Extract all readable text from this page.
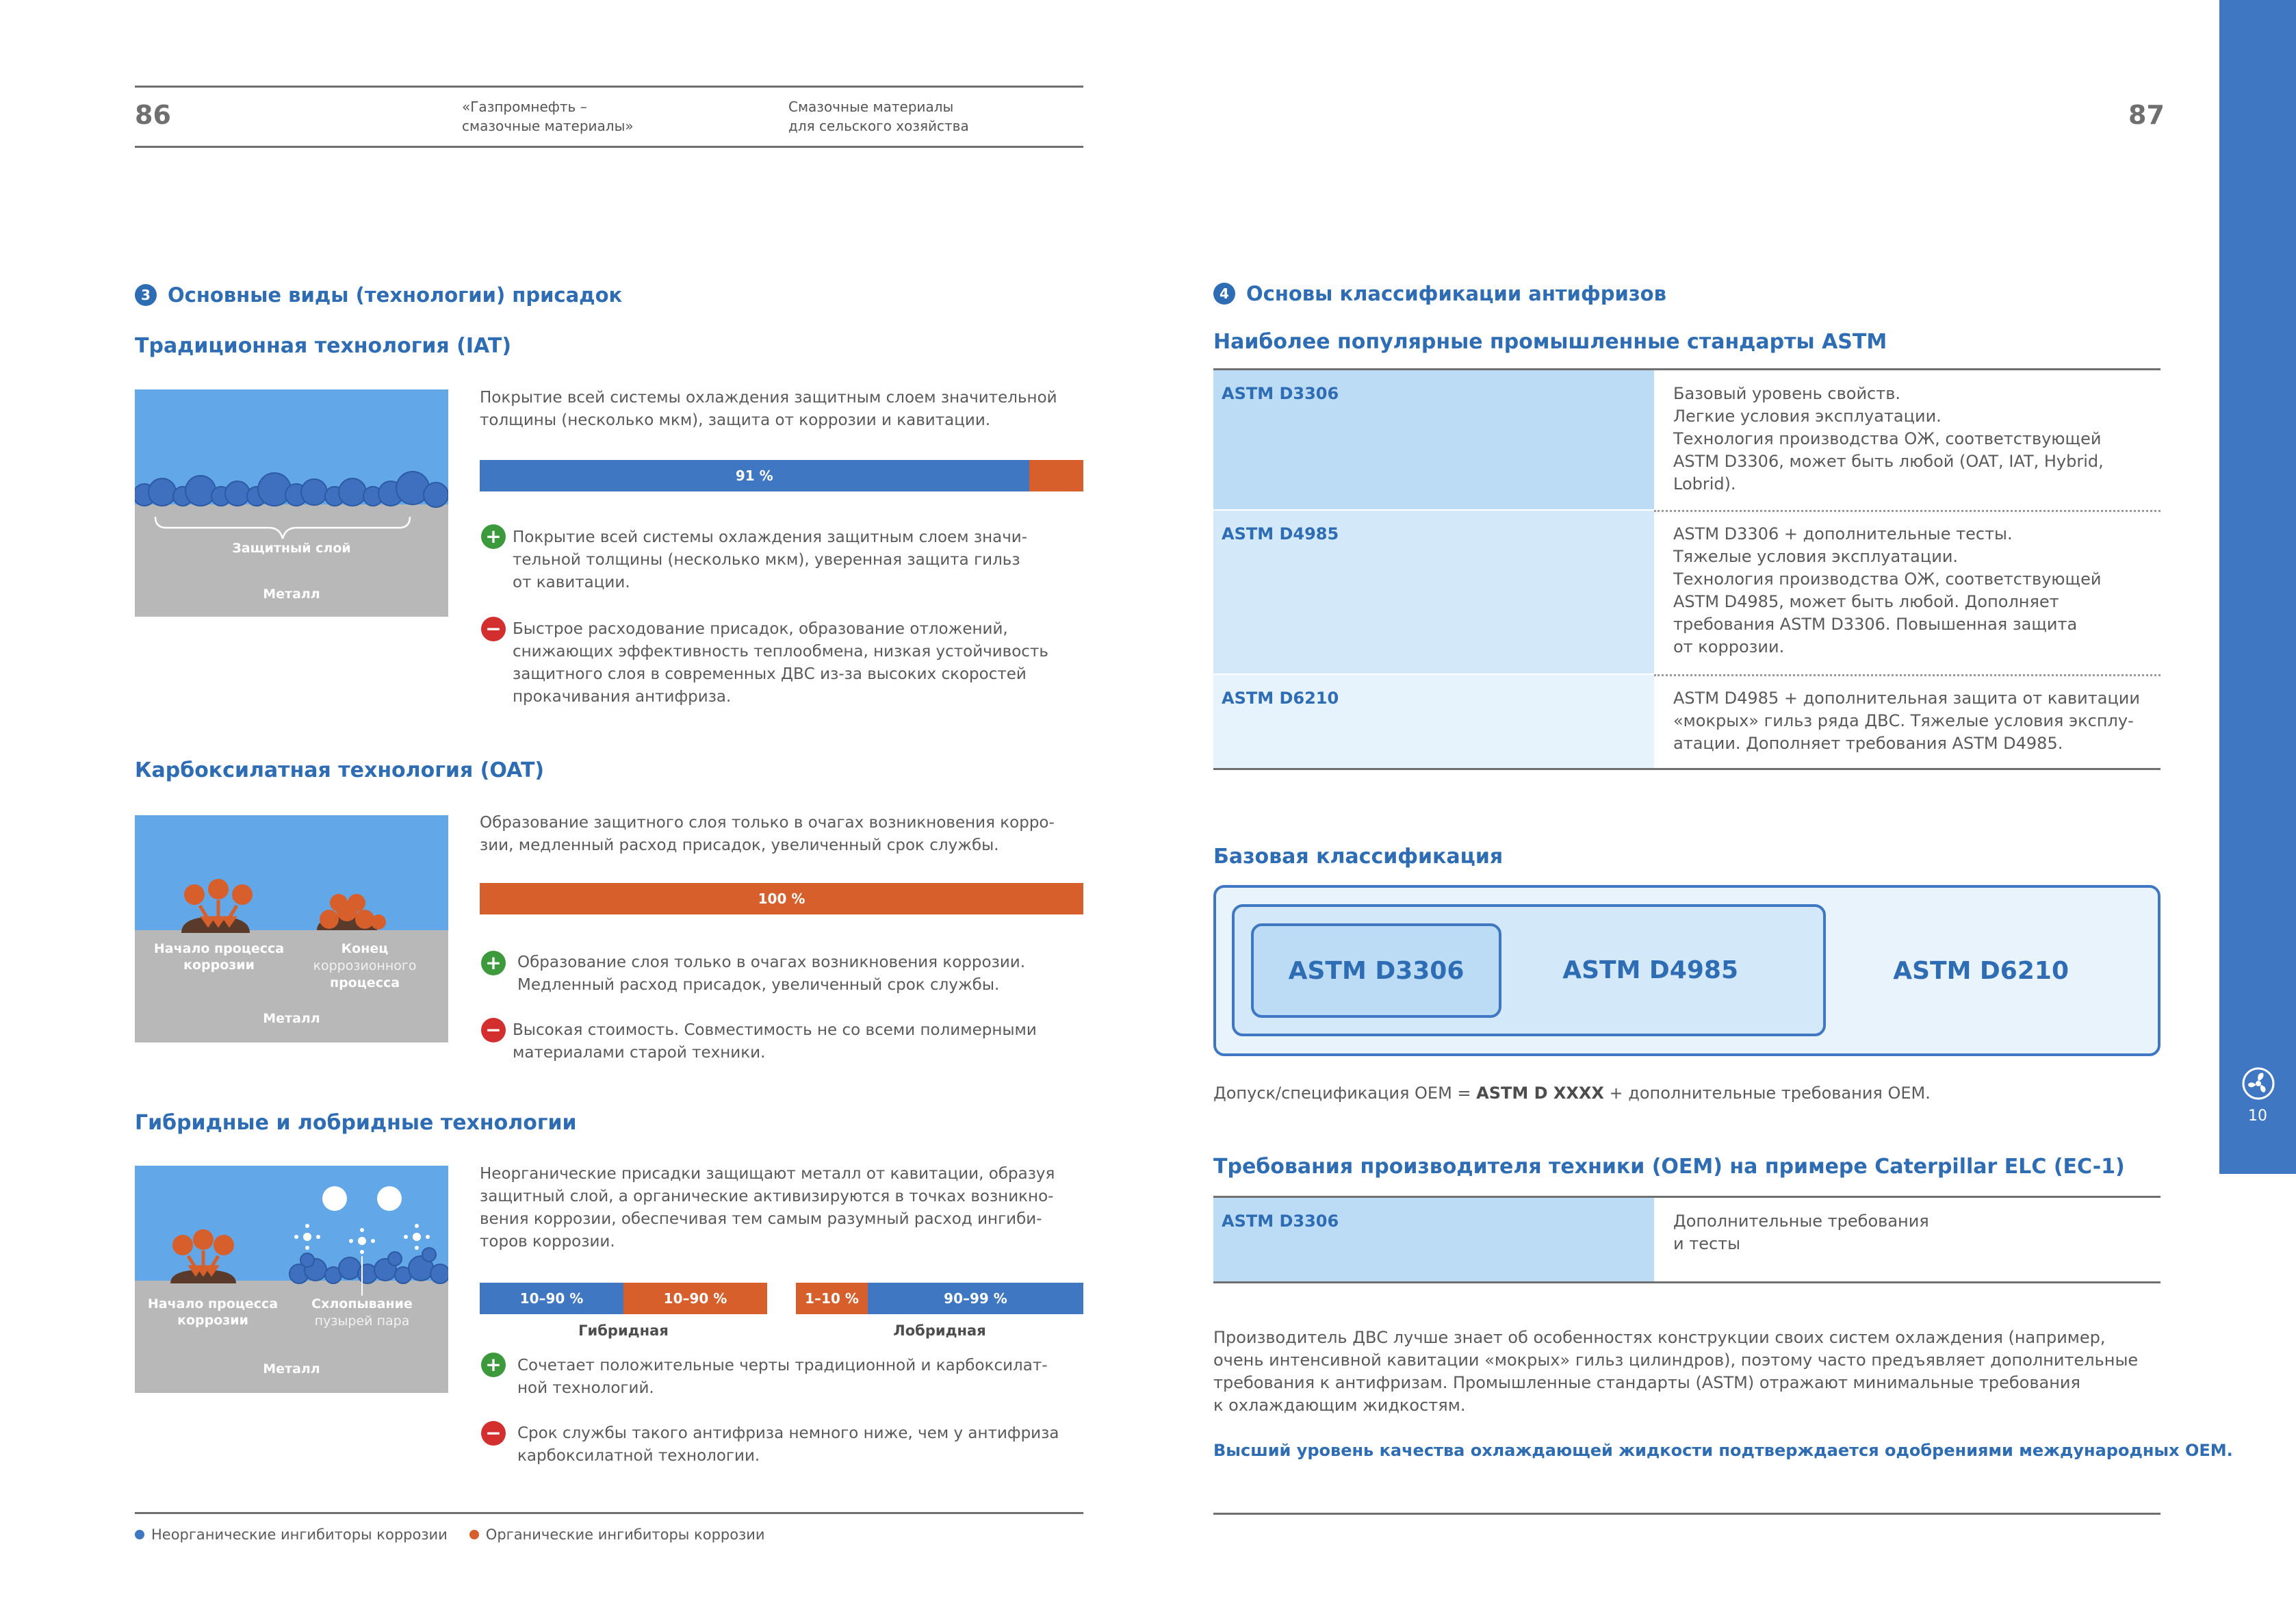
86	«Газпромнефть –
смазочные материалы»
Смазочные материалы
для сельского хозяйства
3 Основные виды (технологии) присадок
Традиционная технология (IAT)
Защитный слой
Металл
Покрытие всей системы охлаждения защитным слоем значительной
толщины (несколько мкм), защита от коррозии и кавитации.
91 %
+ Покрытие всей системы охлаждения защитным слоем значи-
тельной толщины (несколько мкм), уверенная защита гильз
от кавитации.
− Быстрое расходование присадок, образование отложений,
снижающих эффективность теплообмена, низкая устойчивость
защитного слоя в современных ДВС из-за высоких скоростей
прокачивания антифриза.
Карбоксилатная технология (OAT)
Начало процесса
коррозии
Конец
коррозионного
процесса
Металл
Образование защитного слоя только в очагах возникновения корро-
зии, медленный расход присадок, увеличенный срок службы.
100 %
+ Образование слоя только в очагах возникновения коррозии.
Медленный расход присадок, увеличенный срок службы.
− Высокая стоимость. Совместимость не со всеми полимерными
материалами старой техники.
Гибридные и лобридные технологии
Начало процесса
коррозии
Схлопывание
пузырей пара
Металл
Неорганические присадки защищают металл от кавитации, образуя
защитный слой, а органические активизируются в точках возникно-
вения коррозии, обеспечивая тем самым разумный расход ингиби-
торов коррозии.
10–90 %	10–90 %
Гибридная
1–10 %	90–99 %
Лобридная
+ Сочетает положительные черты традиционной и карбоксилат-
ной технологий.
− Срок службы такого антифриза немного ниже, чем у антифриза
карбоксилатной технологии.
Неорганические ингибиторы коррозии	Органические ингибиторы коррозии
87
4 Основы классификации антифризов
Наиболее популярные промышленные стандарты ASTM
ASTM D3306	Базовый уровень свойств.
Легкие условия эксплуатации.
Технология производства ОЖ, соответствующей
ASTM D3306, может быть любой (OAT, IAT, Hybrid,
Lobrid).
ASTM D4985	ASTM D3306 + дополнительные тесты.
Тяжелые условия эксплуатации.
Технология производства ОЖ, соответствующей
ASTM D4985, может быть любой. Дополняет
требования ASTM D3306. Повышенная защита
от коррозии.
ASTM D6210	ASTM D4985 + дополнительная защита от кавитации
«мокрых» гильз ряда ДВС. Тяжелые условия эксплу-
атации. Дополняет требования ASTM D4985.
Базовая классификация
ASTM D6210
ASTM D4985
ASTM D3306
Допуск/спецификация OEM = ASTM D XXXX + дополнительные требования OEM.
Требования производителя техники (OEM) на примере Caterpillar ELC (EC-1)
ASTM D3306	Дополнительные требования
и тесты
Производитель ДВС лучше знает об особенностях конструкции своих систем охлаждения (например,
очень интенсивной кавитации «мокрых» гильз цилиндров), поэтому часто предъявляет дополнительные
требования к антифризам. Промышленные стандарты (ASTM) отражают минимальные требования
к охлаждающим жидкостям.
Высший уровень качества охлаждающей жидкости подтверждается одобрениями международных OEM.
10
